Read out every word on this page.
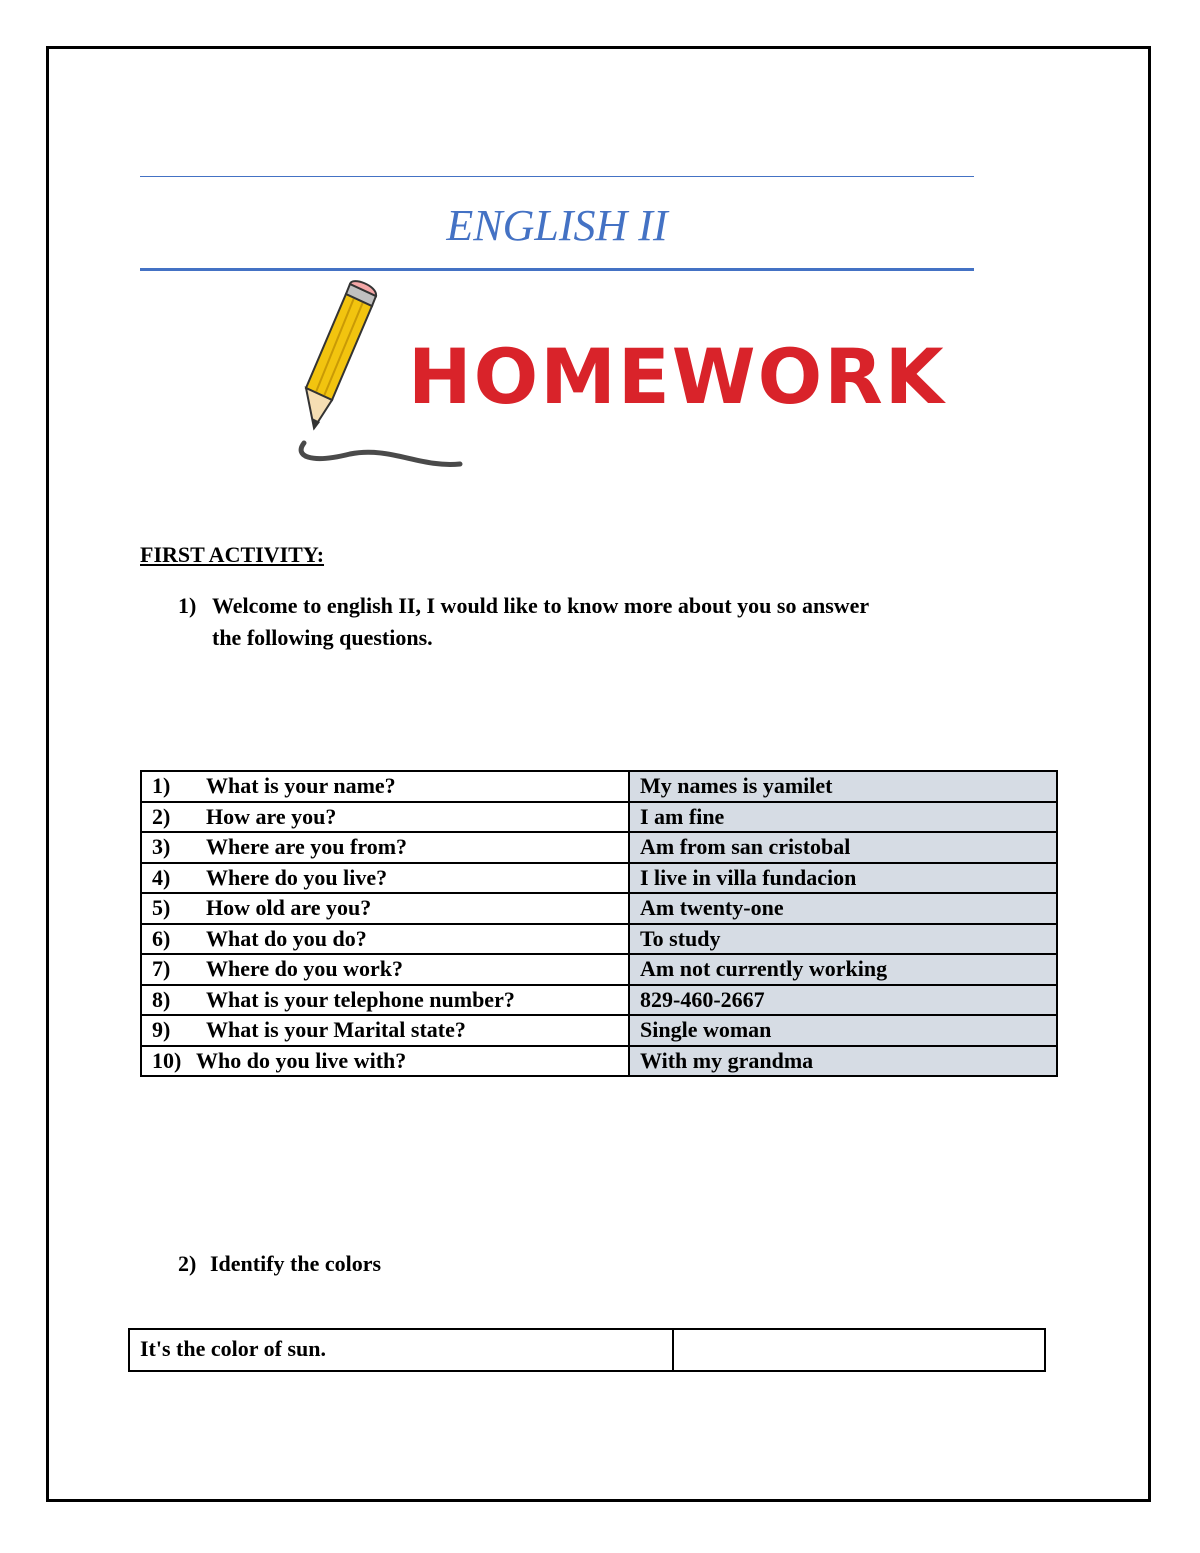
ENGLISH II
HOMEWORK
FIRST ACTIVITY:
1) Welcome to english II, I would like to know more about you so answer

the following questions.

1) What is your name?	My names is yamilet
2) How are you?	I am fine
3) Where are you from?	Am from san cristobal
4) Where do you live?	I live in villa fundacion
5) How old are you?	Am twenty-one
6) What do you do?	To study
7) Where do you work?	Am not currently working
8) What is your telephone number?	829-460-2667
9) What is your Marital state?	Single woman
10) Who do you live with?	With my grandma
2) Identify the colors

It's the color of sun.	
